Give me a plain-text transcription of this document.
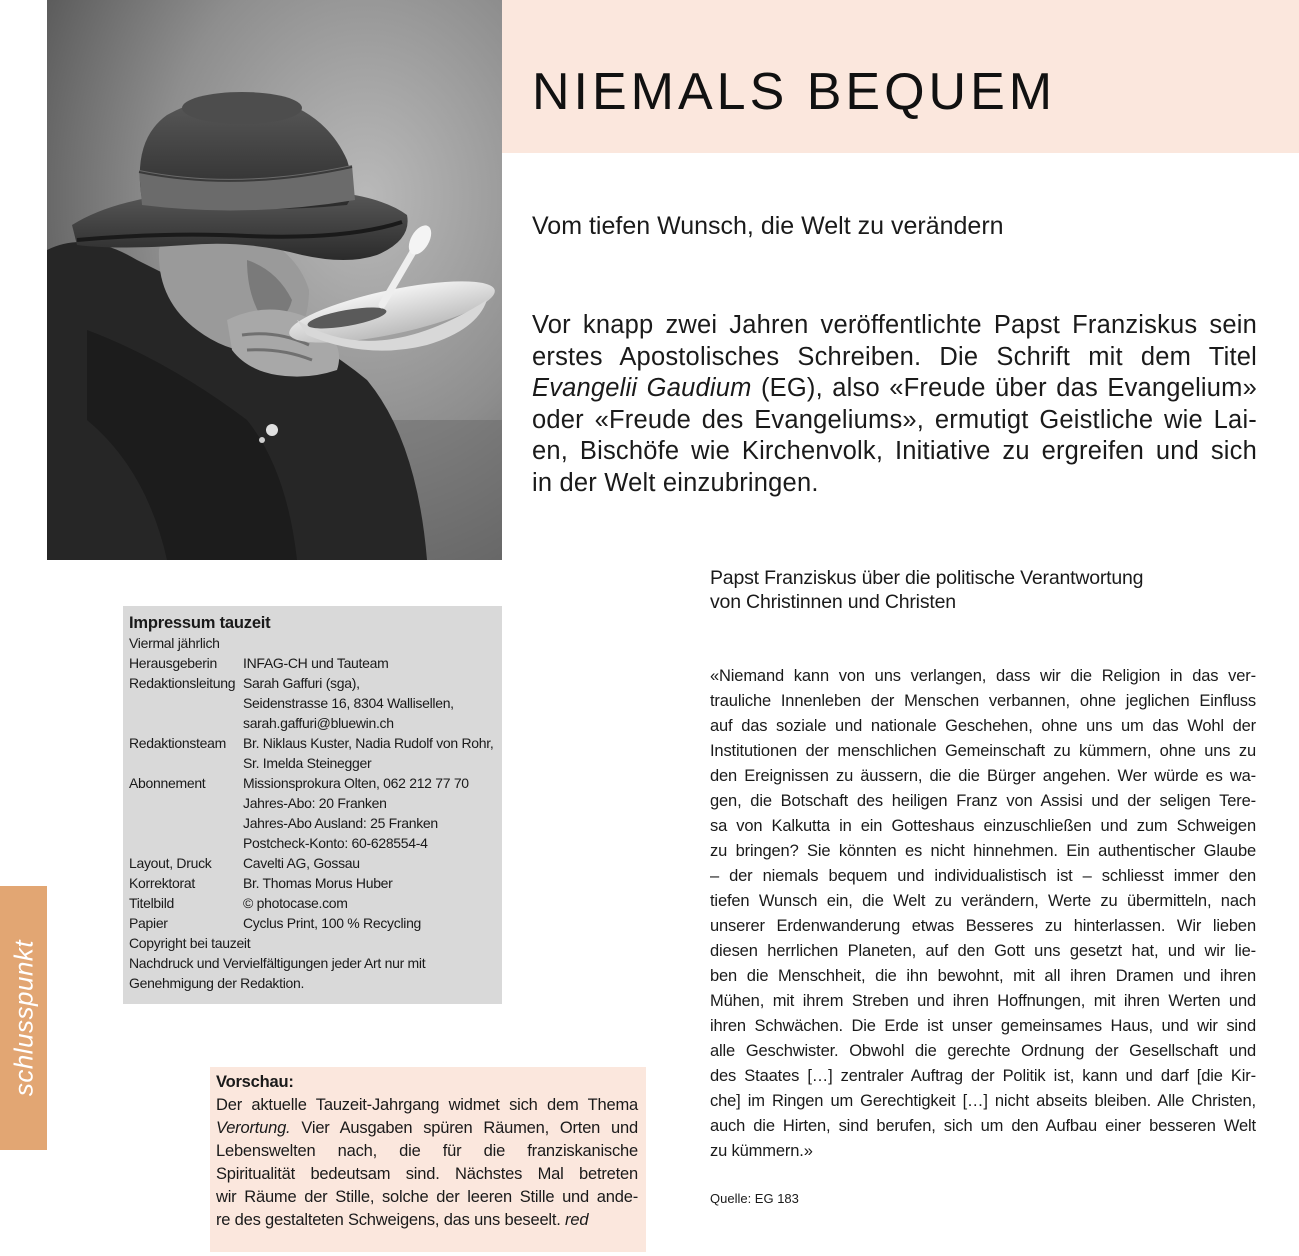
NIEMALS BEQUEM
Vom tiefen Wunsch, die Welt zu verändern

Vor knapp zwei Jahren veröffentlichte Papst Franziskus sein
erstes Apostolisches Schreiben. Die Schrift mit dem Titel
Evangelii Gaudium (EG), also «Freude über das Evangelium»
oder «Freude des Evangeliums», ermutigt Geistliche wie Lai-
en, Bischöfe wie Kirchenvolk, Initiative zu ergreifen und sich
in der Welt einzubringen.

Papst Franziskus über die politische Verantwortung
von Christinnen und Christen

«Niemand kann von uns verlangen, dass wir die Religion in das ver-
trauliche Innenleben der Menschen verbannen, ohne jeglichen Einfluss
auf das soziale und nationale Geschehen, ohne uns um das Wohl der
Institutionen der menschlichen Gemeinschaft zu kümmern, ohne uns zu
den Ereignissen zu äussern, die die Bürger angehen. Wer würde es wa-
gen, die Botschaft des heiligen Franz von Assisi und der seligen Tere-
sa von Kalkutta in ein Gotteshaus einzuschließen und zum Schweigen
zu bringen? Sie könnten es nicht hinnehmen. Ein authentischer Glaube
– der niemals bequem und individualistisch ist – schliesst immer den
tiefen Wunsch ein, die Welt zu verändern, Werte zu übermitteln, nach
unserer Erdenwanderung etwas Besseres zu hinterlassen. Wir lieben
diesen herrlichen Planeten, auf den Gott uns gesetzt hat, und wir lie-
ben die Menschheit, die ihn bewohnt, mit all ihren Dramen und ihren
Mühen, mit ihrem Streben und ihren Hoffnungen, mit ihren Werten und
ihren Schwächen. Die Erde ist unser gemeinsames Haus, und wir sind
alle Geschwister. Obwohl die gerechte Ordnung der Gesellschaft und
des Staates […] zentraler Auftrag der Politik ist, kann und darf [die Kir-
che] im Ringen um Gerechtigkeit […] nicht abseits bleiben. Alle Christen,
auch die Hirten, sind berufen, sich um den Aufbau einer besseren Welt
zu kümmern.»

Quelle: EG 183
Impressum tauzeit
Viermal jährlich
Herausgeberin	INFAG-CH und Tauteam
Redaktionsleitung Sarah Gaffuri (sga),
Seidenstrasse 16, 8304 Wallisellen,
sarah.gaffuri@bluewin.ch
Redaktionsteam	Br. Niklaus Kuster, Nadia Rudolf von Rohr,
Sr. Imelda Steinegger
Abonnement	Missionsprokura Olten, 062 212 77 70
Jahres-Abo: 20 Franken
Jahres-Abo Ausland: 25 Franken
Postcheck-Konto: 60-628554-4
Layout, Druck	Cavelti AG, Gossau
Korrektorat	Br. Thomas Morus Huber
Titelbild	© photocase.com
Papier	Cyclus Print, 100 % Recycling
Copyright bei tauzeit
Nachdruck und Vervielfältigungen jeder Art nur mit
Genehmigung der Redaktion.
Vorschau:
Der aktuelle Tauzeit-Jahrgang widmet sich dem Thema
Verortung. Vier Ausgaben spüren Räumen, Orten und
Lebenswelten nach, die für die franziskanische
Spiritualität bedeutsam sind. Nächstes Mal betreten
wir Räume der Stille, solche der leeren Stille und ande-
re des gestalteten Schweigens, das uns beseelt. red
schlusspunkt
